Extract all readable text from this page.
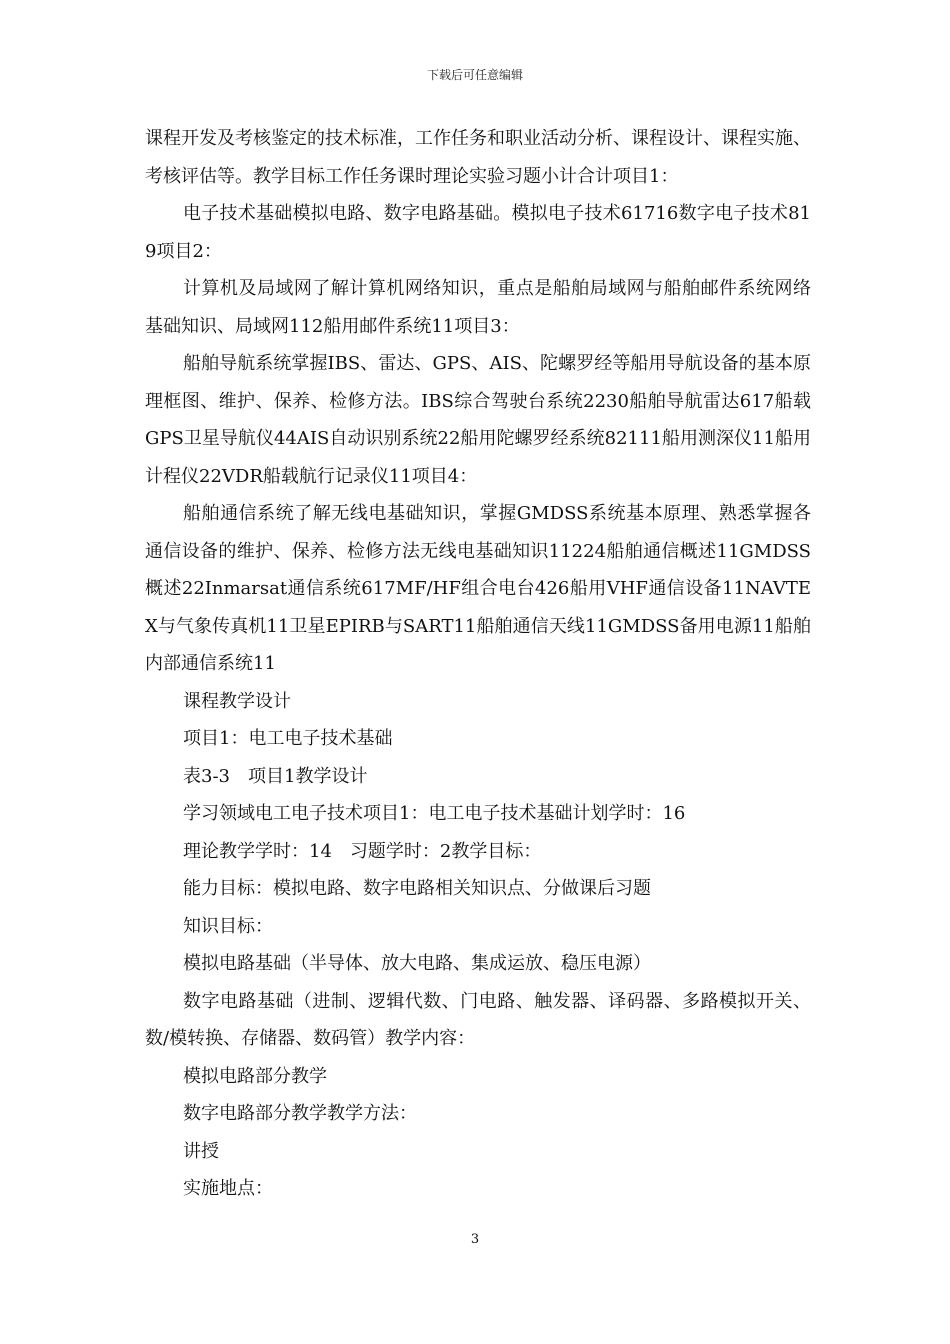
下载后可任意编辑

课程开发及考核鉴定的技术标准，工作任务和职业活动分析、课程设计、课程实施、考核评估等。教学目标工作任务课时理论实验习题小计合计项目1：

电子技术基础模拟电路、数字电路基础。模拟电子技术61716数字电子技术819项目2：

计算机及局域网了解计算机网络知识，重点是船舶局域网与船舶邮件系统网络基础知识、局域网112船用邮件系统11项目3：

船舶导航系统掌握IBS、雷达、GPS、AIS、陀螺罗经等船用导航设备的基本原理框图、维护、保养、检修方法。IBS综合驾驶台系统2230船舶导航雷达617船载GPS卫星导航仪44AIS自动识别系统22船用陀螺罗经系统82111船用测深仪11船用计程仪22VDR船载航行记录仪11项目4：

船舶通信系统了解无线电基础知识，掌握GMDSS系统基本原理、熟悉掌握各通信设备的维护、保养、检修方法无线电基础知识11224船舶通信概述11GMDSS概述22Inmarsat通信系统617MF/HF组合电台426船用VHF通信设备11NAVTEX与气象传真机11卫星EPIRB与SART11船舶通信天线11GMDSS备用电源11船舶内部通信系统11

课程教学设计

项目1：电工电子技术基础

表3-3　项目1教学设计

学习领域电工电子技术项目1：电工电子技术基础计划学时：16

理论教学学时：14　习题学时：2教学目标：

能力目标：模拟电路、数字电路相关知识点、分做课后习题

知识目标：

模拟电路基础（半导体、放大电路、集成运放、稳压电源）

数字电路基础（进制、逻辑代数、门电路、触发器、译码器、多路模拟开关、数/模转换、存储器、数码管）教学内容：

模拟电路部分教学

数字电路部分教学教学方法：

讲授

实施地点：

3
